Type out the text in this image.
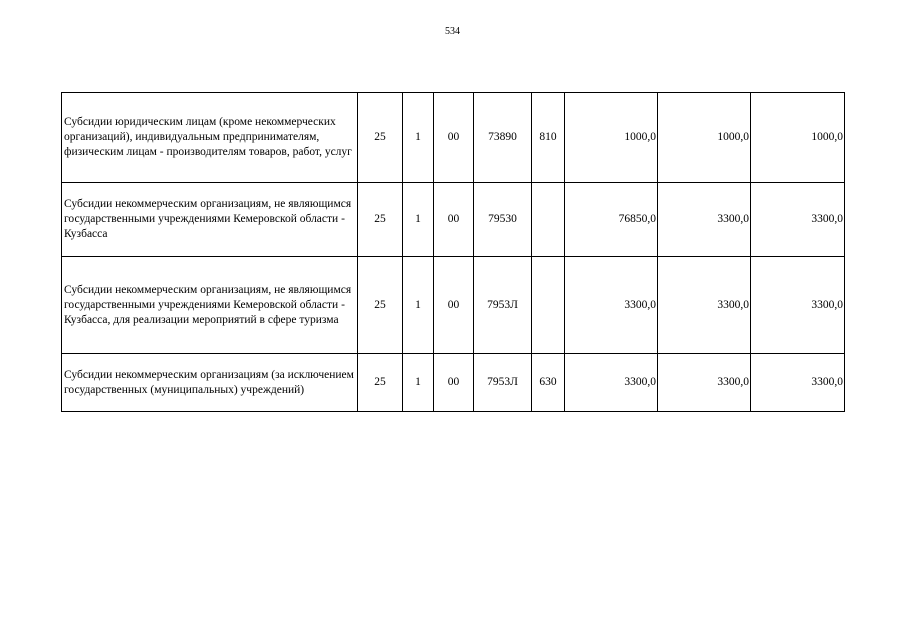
534
Субсидии юридическим лицам (кроме некоммерческих организаций), индивидуальным предпринимателям, физическим лицам - производителям товаров, работ, услуг	25	1	00	73890	810	1000,0	1000,0	1000,0
Субсидии некоммерческим организациям, не являющимся государственными учреждениями Кемеровской области - Кузбасса	25	1	00	79530		76850,0	3300,0	3300,0
Субсидии некоммерческим организациям, не являющимся государственными учреждениями Кемеровской области - Кузбасса, для реализации мероприятий в сфере туризма	25	1	00	7953Л		3300,0	3300,0	3300,0
Субсидии некоммерческим организациям (за исключением государственных (муниципальных) учреждений)	25	1	00	7953Л	630	3300,0	3300,0	3300,0
